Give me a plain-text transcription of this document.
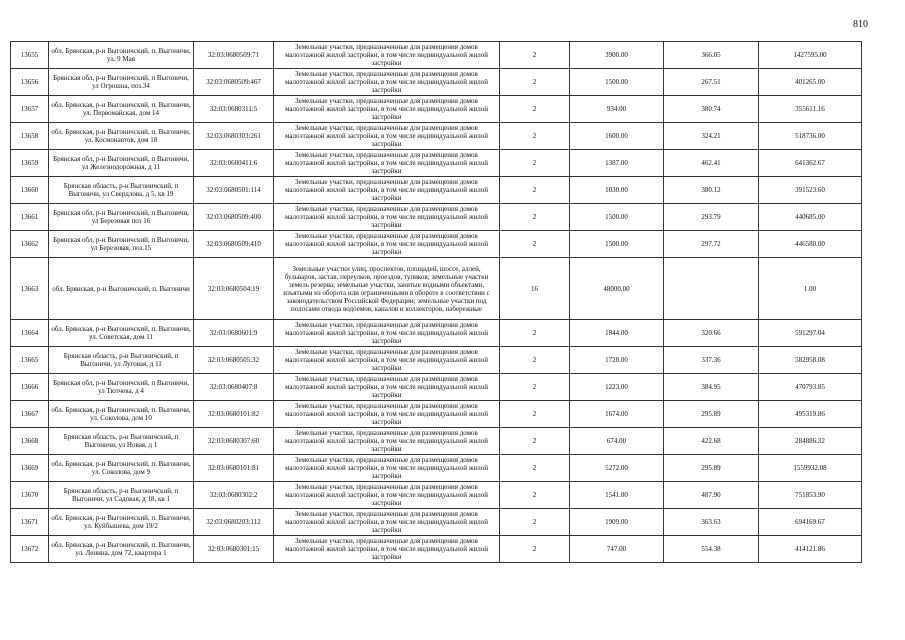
810
13655	обл. Брянская, р-н Выгоничский, п. Выгоничи, ул. 9 Мая	32:03:0680509:71	Земельные участки, предназначенные для размещения домов малоэтажной жилой застройки, в том числе индивидуальной жилой застройки	2	3900.00	366.05	1427595.00
13656	Брянская обл, р-н Выгоничский, п Выгоничи, ул Огрошна, поз.34	32:03:0680509:467	Земельные участки, предназначенные для размещения домов малоэтажной жилой застройки, в том числе индивидуальной жилой застройки	2	1500.00	267.51	401265.00
13657	обл. Брянская, р-н Выгоничский, п. Выгоничи, ул. Первомайская, дом 14	32:03:0680311:5	Земельные участки, предназначенные для размещения домов малоэтажной жилой застройки, в том числе индивидуальной жилой застройки	2	934.00	380.74	355611.16
13658	обл. Брянская, р-н Выгоничский, п. Выгоничи, ул. Космонавтов, дом 18	32:03:0680303:261	Земельные участки, предназначенные для размещения домов малоэтажной жилой застройки, в том числе индивидуальной жилой застройки	2	1600.00	324.21	518736.00
13659	Брянская обл, р-н Выгоничский, п Выгоничи, ул Железнодорожная, д 11	32:03:0680411:6	Земельные участки, предназначенные для размещения домов малоэтажной жилой застройки, в том числе индивидуальной жилой застройки	2	1387.00	462.41	641362.67
13660	Брянская область, р-н Выгоничский, п Выгоничи, ул Свердлова, д 5, кв 19	32:03:0680501:114	Земельные участки, предназначенные для размещения домов малоэтажной жилой застройки, в том числе индивидуальной жилой застройки	2	1030.00	380.12	391523.60
13661	Брянская обл, р-н Выгоничский, п Выгоничи, ул Березовая поз 16	32:03:0680509:400	Земельные участки, предназначенные для размещения домов малоэтажной жилой застройки, в том числе индивидуальной жилой застройки	2	1500.00	293.79	440685.00
13662	Брянская обл, р-н Выгоничский, п Выгоничи, ул Березовая, поз.15	32:03:0680509:410	Земельные участки, предназначенные для размещения домов малоэтажной жилой застройки, в том числе индивидуальной жилой застройки	2	1500.00	297.72	446580.00
13663	обл. Брянская, р-н Выгоничский, п. Выгоничи	32:03:0680504:19	Земельные участки улиц, проспектов, площадей, шоссе, аллей, бульваров, застав, переулков, проездов, тупиков; земельные участки земель резерва; земельные участки, занятые водными объектами, изъятыми из оборота или ограниченными в обороте в соответствии с законодательством Российской Федерации; земельные участки под полосами отвода водоемов, каналов и коллекторов, набережные	16	48000.00		1.00
13664	обл. Брянская, р-н Выгоничский, п. Выгоничи, ул. Советская, дом 11	32:03:0680601:9	Земельные участки, предназначенные для размещения домов малоэтажной жилой застройки, в том числе индивидуальной жилой застройки	2	1844.00	320.66	591297.04
13665	Брянская область, р-н Выгоничский, п Выгоничи, ул Луговая, д 11	32:03:0680505:32	Земельные участки, предназначенные для размещения домов малоэтажной жилой застройки, в том числе индивидуальной жилой застройки	2	1728.00	337.36	582958.08
13666	Брянская обл, р-н Выгоничский, п Выгоничи, ул Тютчева, д 4	32:03:0680407:8	Земельные участки, предназначенные для размещения домов малоэтажной жилой застройки, в том числе индивидуальной жилой застройки	2	1223.00	384.95	470793.85
13667	обл. Брянская, р-н Выгоничский, п. Выгоничи, ул. Соколова, дом 10	32:03:0680101:82	Земельные участки, предназначенные для размещения домов малоэтажной жилой застройки, в том числе индивидуальной жилой застройки	2	1674.00	295.89	495319.86
13668	Брянская область, р-н Выгоничский, п Выгоничи, ул Новая, д 1	32:03:0680307:60	Земельные участки, предназначенные для размещения домов малоэтажной жилой застройки, в том числе индивидуальной жилой застройки	2	674.00	422.68	284886.32
13669	обл. Брянская, р-н Выгоничский, п. Выгоничи, ул. Соколова, дом 9	32:03:0680101:81	Земельные участки, предназначенные для размещения домов малоэтажной жилой застройки, в том числе индивидуальной жилой застройки	2	5272.00	295.89	1559932.08
13670	Брянская область, р-н Выгоничский, п Выгоничи, ул Садовая, д 18, кв 1	32:03:0680302:2	Земельные участки, предназначенные для размещения домов малоэтажной жилой застройки, в том числе индивидуальной жилой застройки	2	1541.00	487.90	751853.90
13671	обл. Брянская, р-н Выгоничский, п. Выгоничи, ул. Куйбышева, дом 19/2	32:03:0680203:112	Земельные участки, предназначенные для размещения домов малоэтажной жилой застройки, в том числе индивидуальной жилой застройки	2	1909.00	363.63	694169.67
13672	обл. Брянская, р-н Выгоничский, п. Выгоничи, ул. Ленина, дом 72, квартира 1	32:03:0680301:15	Земельные участки, предназначенные для размещения домов малоэтажной жилой застройки, в том числе индивидуальной жилой застройки	2	747.00	554.38	414121.86
